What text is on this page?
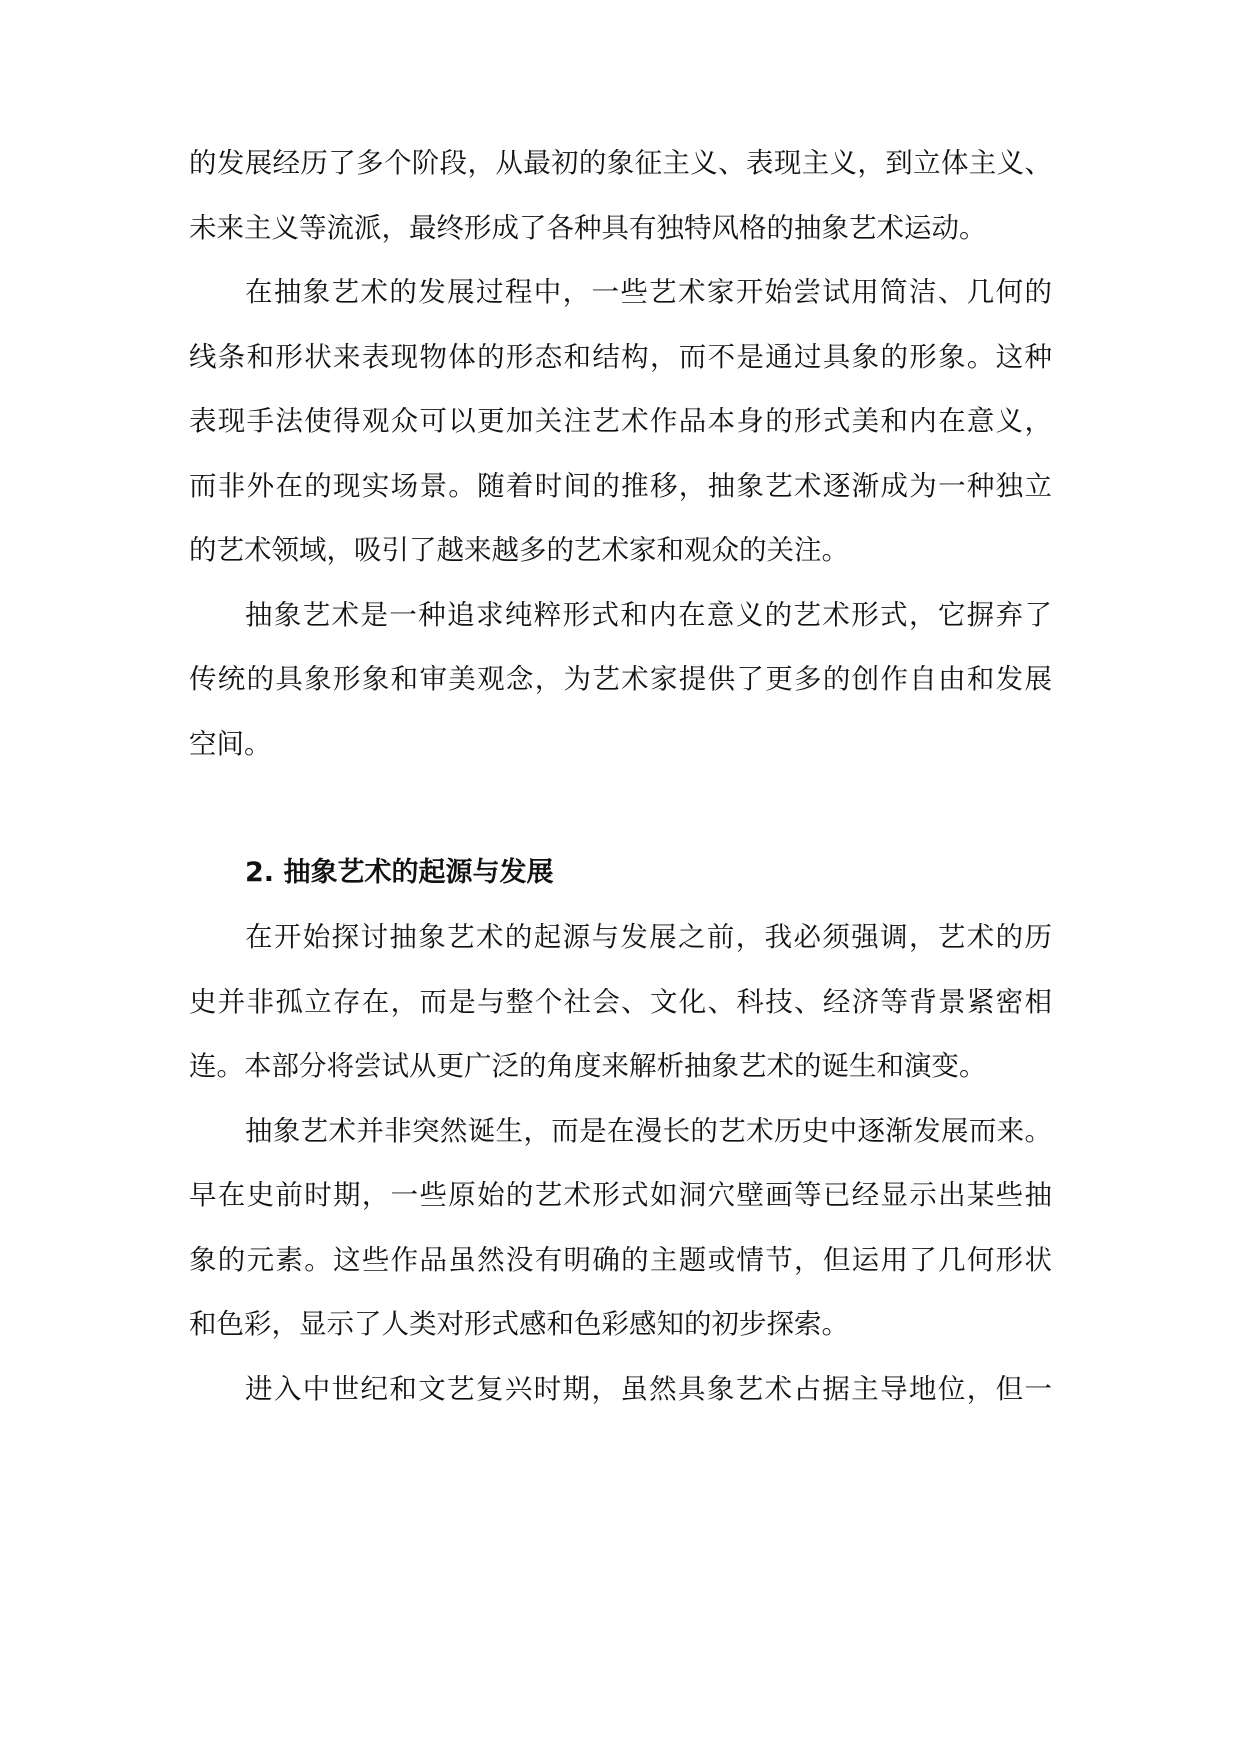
的发展经历了多个阶段，从最初的象征主义、表现主义，到立体主义、
未来主义等流派，最终形成了各种具有独特风格的抽象艺术运动。
在抽象艺术的发展过程中，一些艺术家开始尝试用简洁、几何的
线条和形状来表现物体的形态和结构，而不是通过具象的形象。这种
表现手法使得观众可以更加关注艺术作品本身的形式美和内在意义，
而非外在的现实场景。随着时间的推移，抽象艺术逐渐成为一种独立
的艺术领域，吸引了越来越多的艺术家和观众的关注。
抽象艺术是一种追求纯粹形式和内在意义的艺术形式，它摒弃了
传统的具象形象和审美观念，为艺术家提供了更多的创作自由和发展
空间。
2. 抽象艺术的起源与发展
在开始探讨抽象艺术的起源与发展之前，我必须强调，艺术的历
史并非孤立存在，而是与整个社会、文化、科技、经济等背景紧密相
连。本部分将尝试从更广泛的角度来解析抽象艺术的诞生和演变。
抽象艺术并非突然诞生，而是在漫长的艺术历史中逐渐发展而来。
早在史前时期，一些原始的艺术形式如洞穴壁画等已经显示出某些抽
象的元素。这些作品虽然没有明确的主题或情节，但运用了几何形状
和色彩，显示了人类对形式感和色彩感知的初步探索。
进入中世纪和文艺复兴时期，虽然具象艺术占据主导地位，但一
